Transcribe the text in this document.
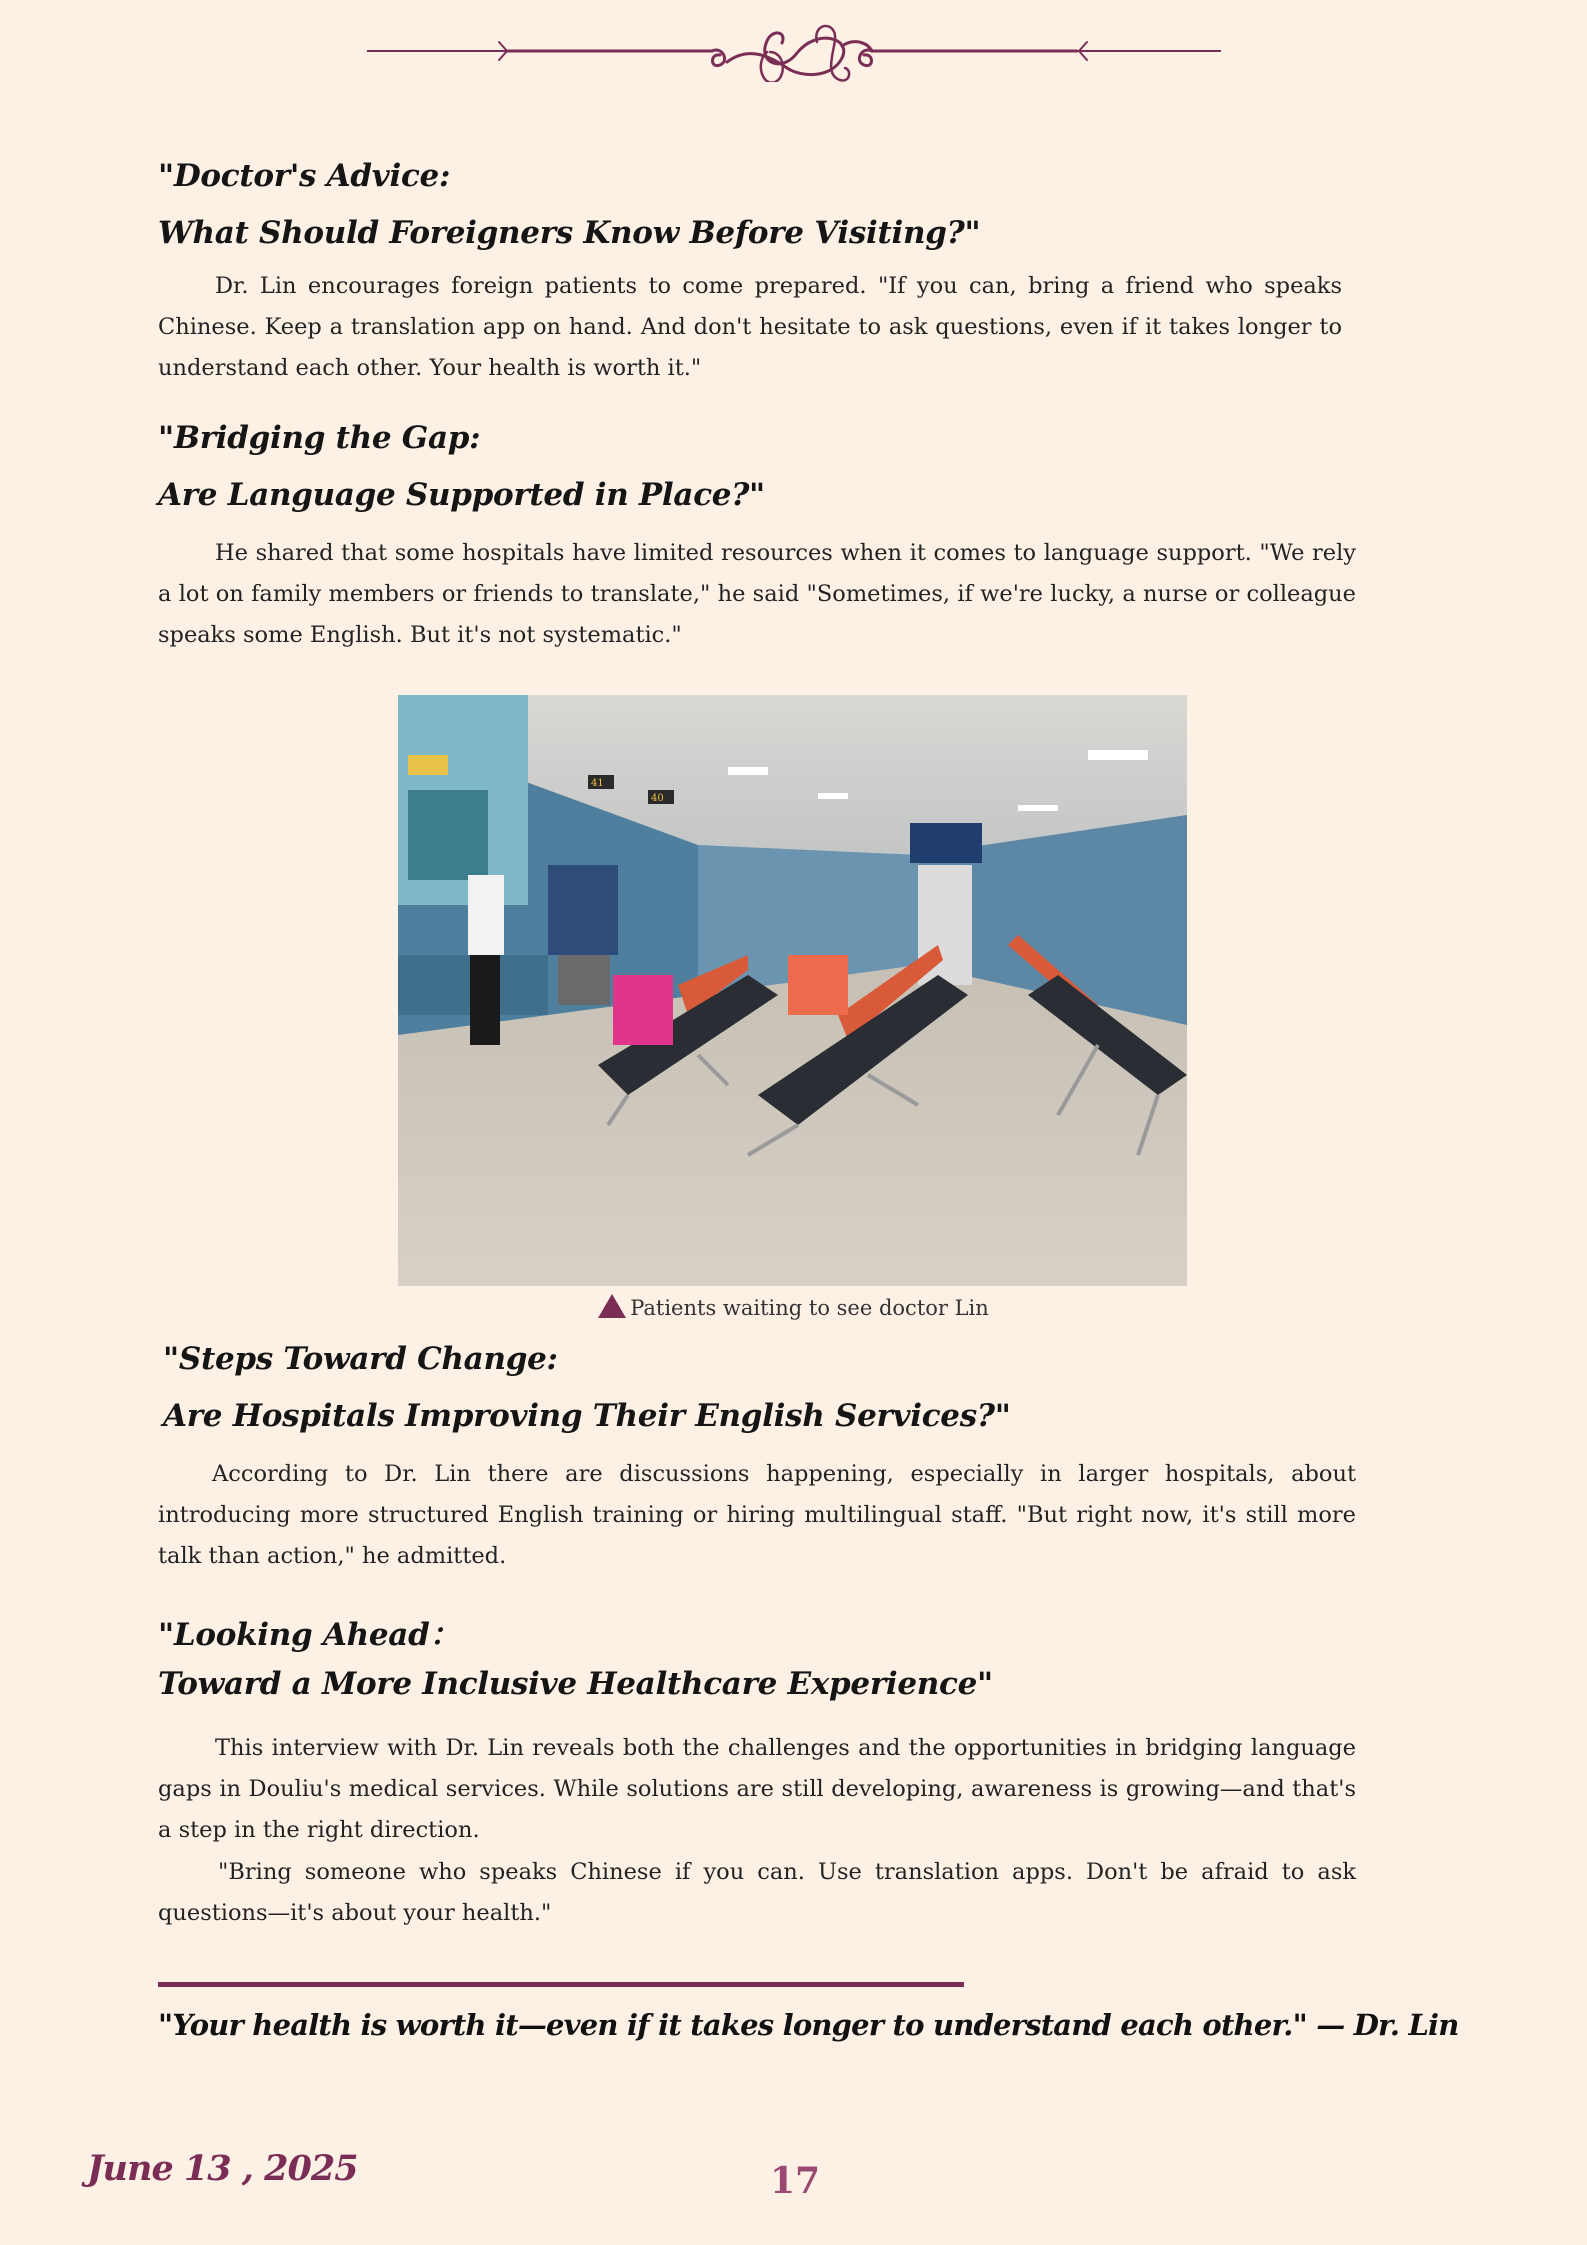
"Doctor's Advice:
What Should Foreigners Know Before Visiting?"
Dr. Lin encourages foreign patients to come prepared. "If you can, bring a friend who speaks Chinese. Keep a translation app on hand. And don't hesitate to ask questions, even if it takes longer to understand each other. Your health is worth it."
"Bridging the Gap:
Are Language Supported in Place?"
He shared that some hospitals have limited resources when it comes to language support. "We rely a lot on family members or friends to translate," he said "Sometimes, if we're lucky, a nurse or colleague speaks some English. But it's not systematic."
41
40
Patients waiting to see doctor Lin
"Steps Toward Change:
Are Hospitals Improving Their English Services?"
According to Dr. Lin there are discussions happening, especially in larger hospitals, about introducing more structured English training or hiring multilingual staff. "But right now, it's still more talk than action," he admitted.
"Looking Ahead：
Toward a More Inclusive Healthcare Experience"
This interview with Dr. Lin reveals both the challenges and the opportunities in bridging language gaps in Douliu's medical services. While solutions are still developing, awareness is growing—and that's a step in the right direction.
"Bring someone who speaks Chinese if you can. Use translation apps. Don't be afraid to ask questions—it's about your health."
"Your health is worth it—even if it takes longer to understand each other." — Dr. Lin
June 13 , 2025	17
